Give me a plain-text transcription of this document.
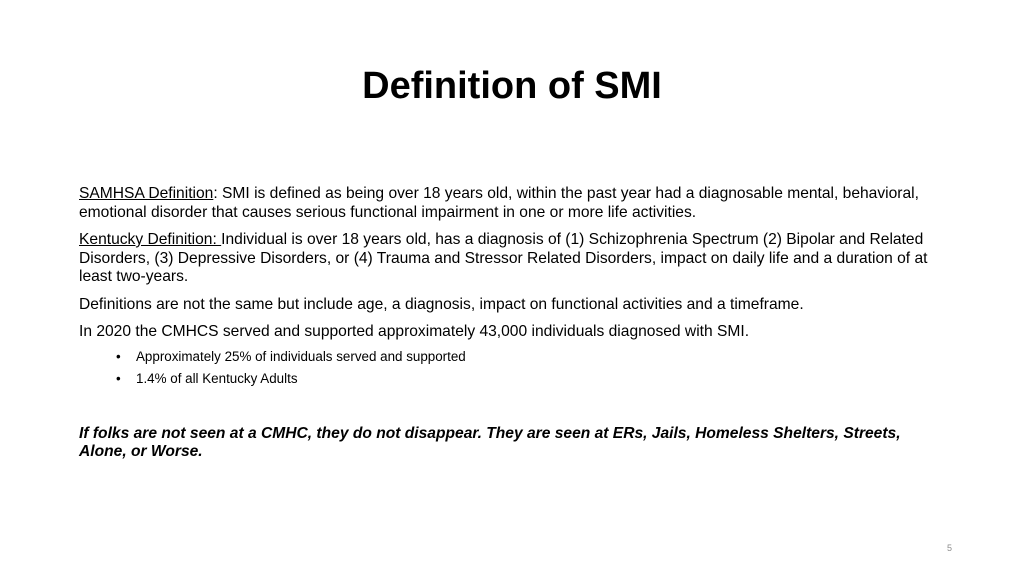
Definition of SMI

SAMHSA Definition: SMI is defined as being over 18 years old, within the past year had a diagnosable mental, behavioral, emotional disorder that causes serious functional impairment in one or more life activities.

Kentucky Definition: Individual is over 18 years old, has a diagnosis of (1) Schizophrenia Spectrum (2) Bipolar and Related Disorders, (3) Depressive Disorders, or (4) Trauma and Stressor Related Disorders, impact on daily life and a duration of at least two-years.

Definitions are not the same but include age, a diagnosis, impact on functional activities and a timeframe.

In 2020 the CMHCS served and supported approximately 43,000 individuals diagnosed with SMI.

• Approximately 25% of individuals served and supported
• 1.4% of all Kentucky Adults

If folks are not seen at a CMHC, they do not disappear. They are seen at ERs, Jails, Homeless Shelters, Streets, Alone, or Worse.

5
